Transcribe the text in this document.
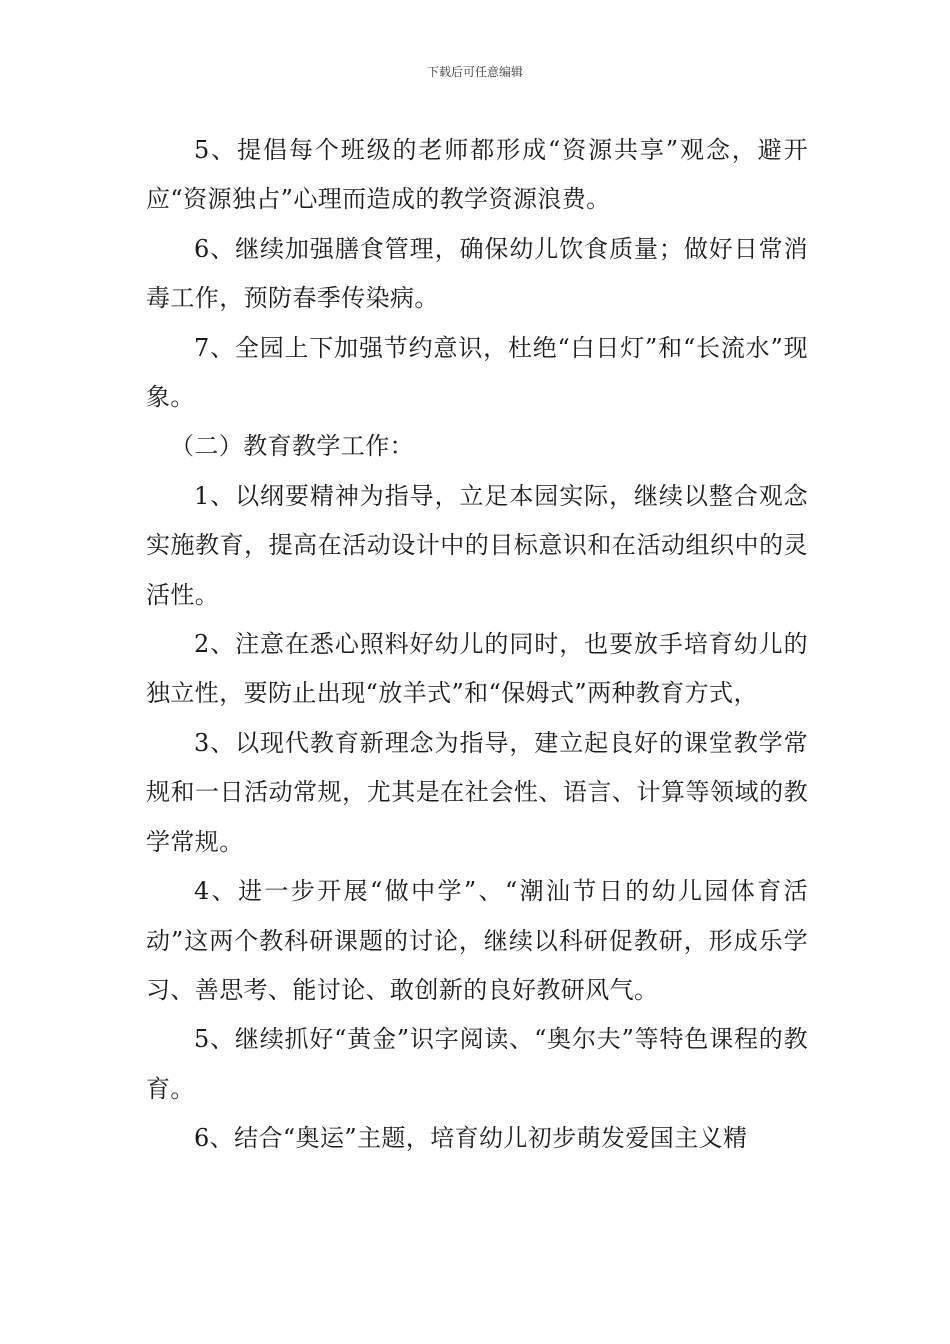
下载后可任意编辑

5、提倡每个班级的老师都形成“资源共享”观念，避开应“资源独占”心理而造成的教学资源浪费。

6、继续加强膳食管理，确保幼儿饮食质量；做好日常消毒工作，预防春季传染病。

7、全园上下加强节约意识，杜绝“白日灯”和“长流水”现象。

（二）教育教学工作：

1、以纲要精神为指导，立足本园实际，继续以整合观念实施教育，提高在活动设计中的目标意识和在活动组织中的灵活性。

2、注意在悉心照料好幼儿的同时，也要放手培育幼儿的独立性，要防止出现“放羊式”和“保姆式”两种教育方式，

3、以现代教育新理念为指导，建立起良好的课堂教学常规和一日活动常规，尤其是在社会性、语言、计算等领域的教学常规。

4、进一步开展“做中学”、“潮汕节日的幼儿园体育活动”这两个教科研课题的讨论，继续以科研促教研，形成乐学习、善思考、能讨论、敢创新的良好教研风气。

5、继续抓好“黄金”识字阅读、“奥尔夫”等特色课程的教育。

6、结合“奥运”主题，培育幼儿初步萌发爱国主义精
